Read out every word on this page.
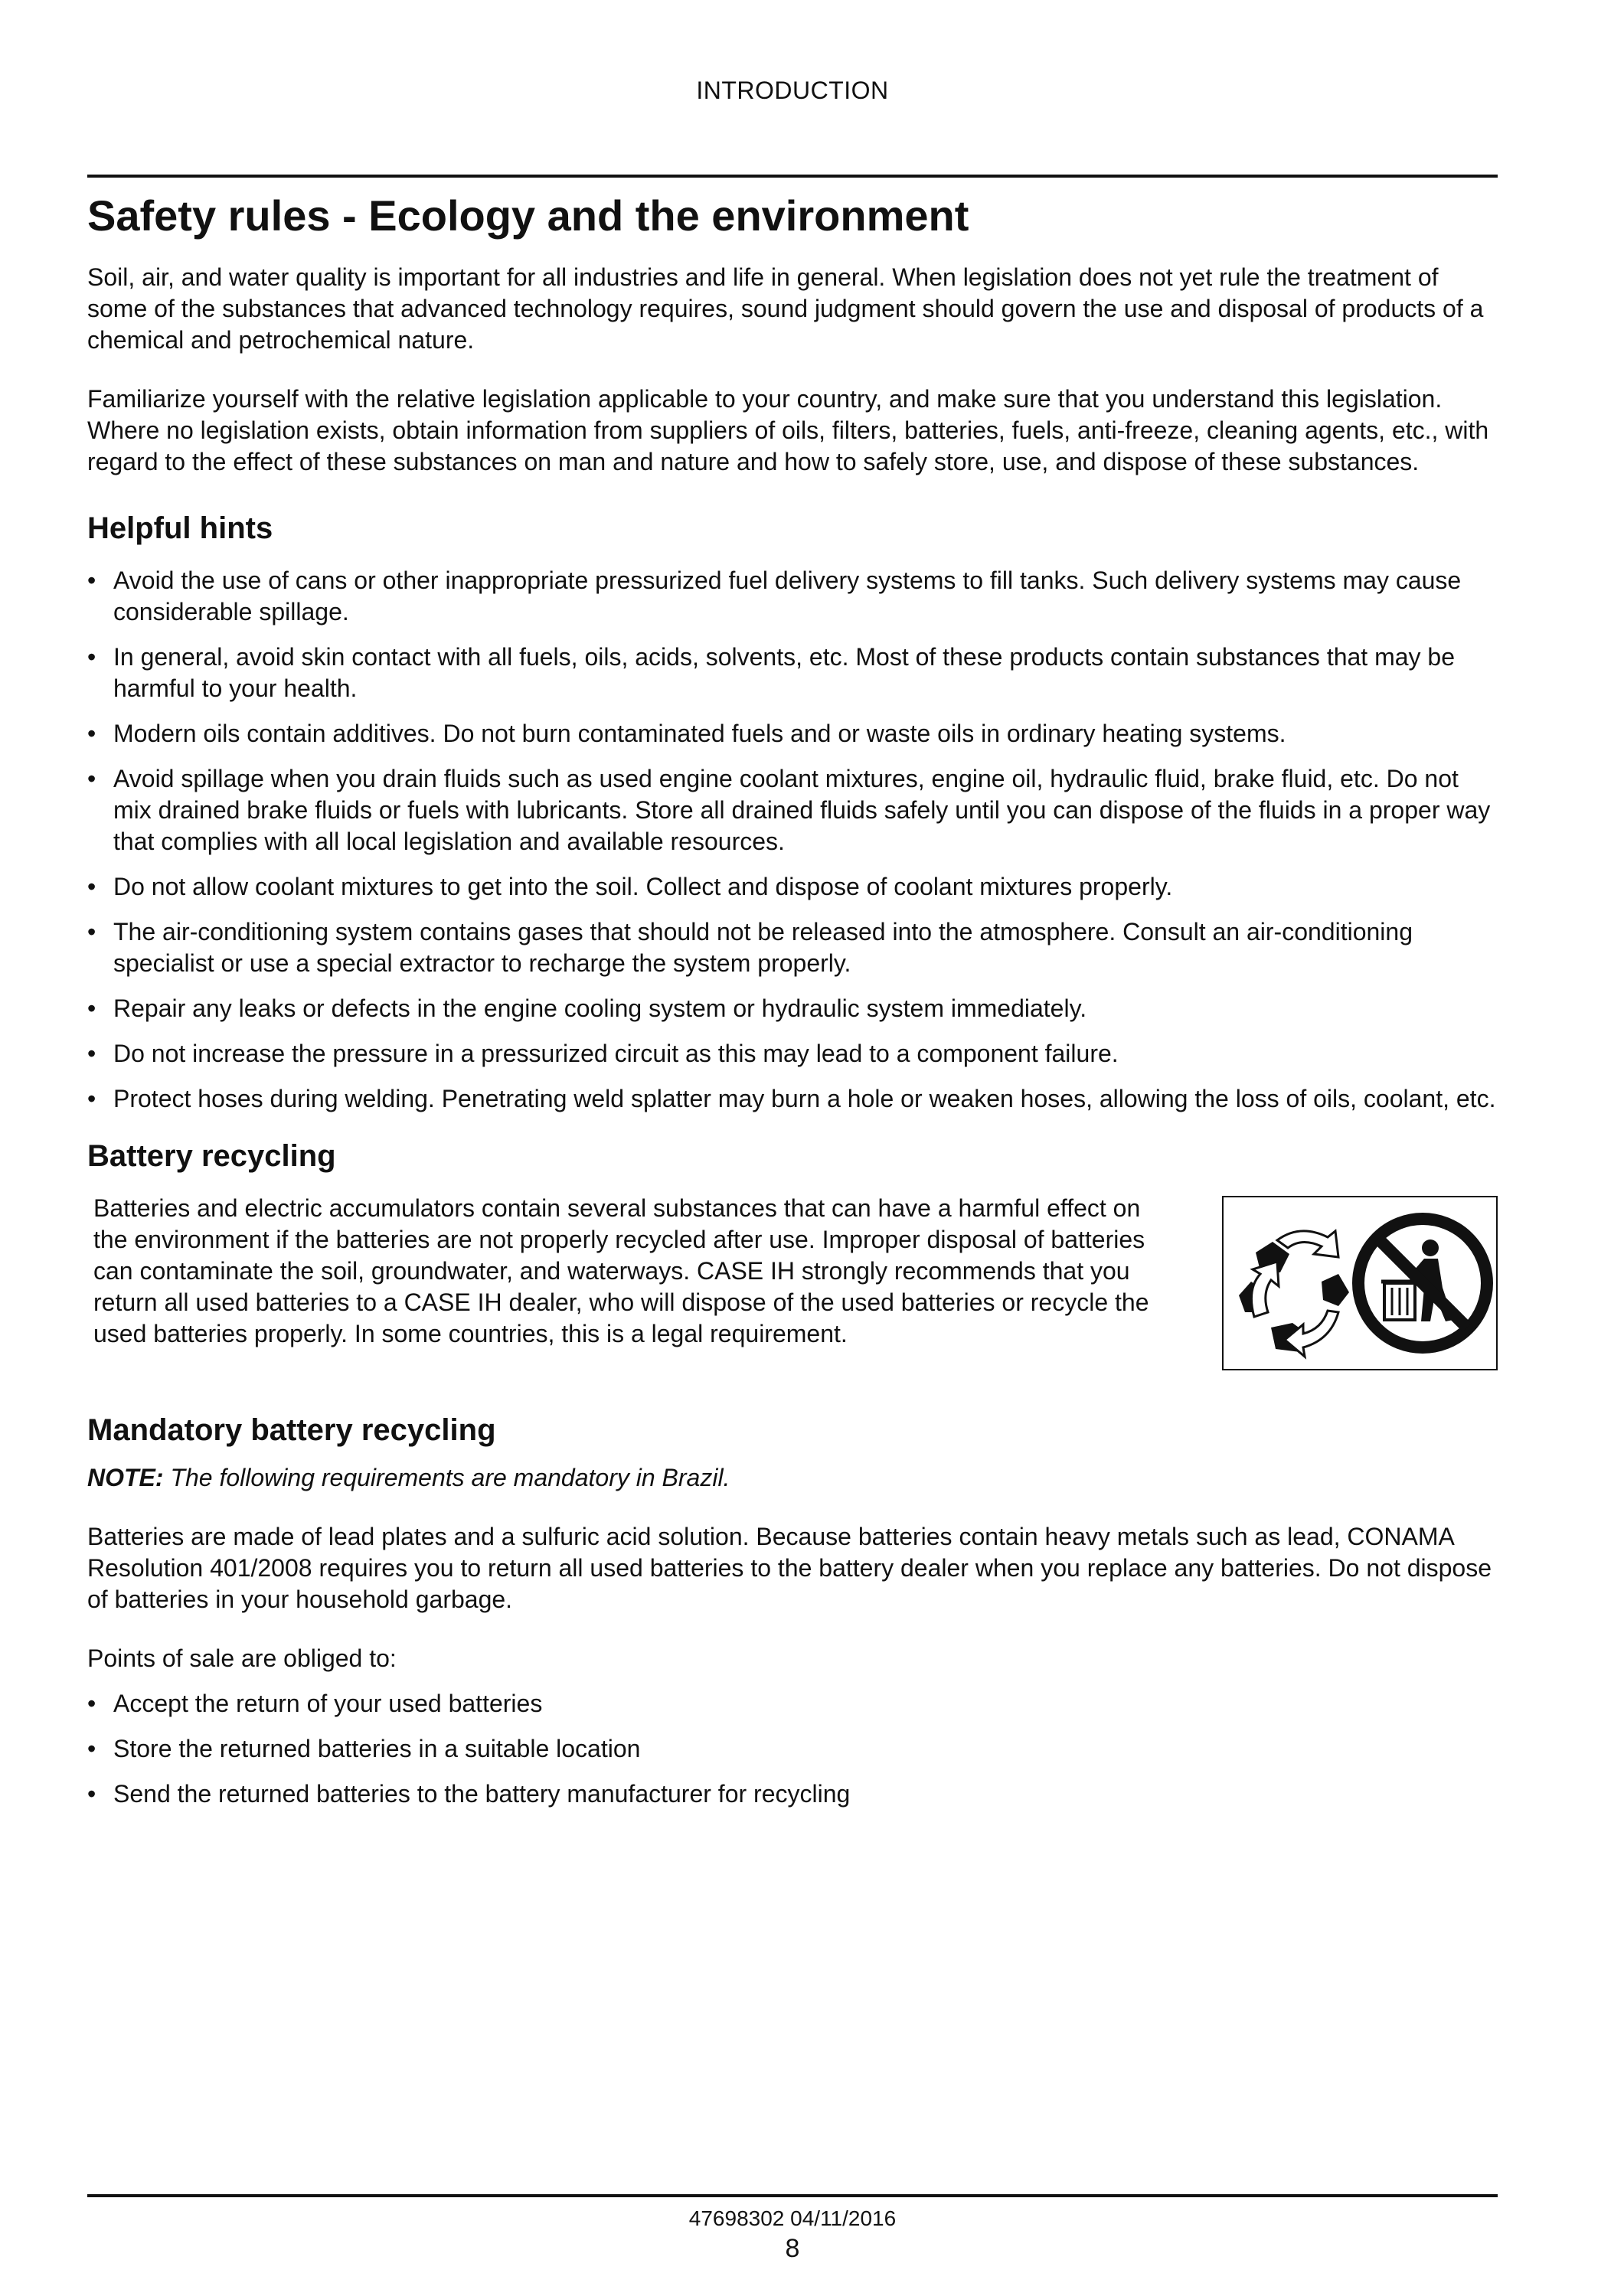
INTRODUCTION
Safety rules - Ecology and the environment

Soil, air, and water quality is important for all industries and life in general. When legislation does not yet rule the treatment of some of the substances that advanced technology requires, sound judgment should govern the use and disposal of products of a chemical and petrochemical nature.

Familiarize yourself with the relative legislation applicable to your country, and make sure that you understand this legislation. Where no legislation exists, obtain information from suppliers of oils, filters, batteries, fuels, anti-freeze, cleaning agents, etc., with regard to the effect of these substances on man and nature and how to safely store, use, and dispose of these substances.

Helpful hints
• Avoid the use of cans or other inappropriate pressurized fuel delivery systems to fill tanks. Such delivery systems may cause considerable spillage.
• In general, avoid skin contact with all fuels, oils, acids, solvents, etc. Most of these products contain substances that may be harmful to your health.
• Modern oils contain additives. Do not burn contaminated fuels and or waste oils in ordinary heating systems.
• Avoid spillage when you drain fluids such as used engine coolant mixtures, engine oil, hydraulic fluid, brake fluid, etc. Do not mix drained brake fluids or fuels with lubricants. Store all drained fluids safely until you can dispose of the fluids in a proper way that complies with all local legislation and available resources.
• Do not allow coolant mixtures to get into the soil. Collect and dispose of coolant mixtures properly.
• The air-conditioning system contains gases that should not be released into the atmosphere. Consult an air-conditioning specialist or use a special extractor to recharge the system properly.
• Repair any leaks or defects in the engine cooling system or hydraulic system immediately.
• Do not increase the pressure in a pressurized circuit as this may lead to a component failure.
• Protect hoses during welding. Penetrating weld splatter may burn a hole or weaken hoses, allowing the loss of oils, coolant, etc.
Battery recycling

Batteries and electric accumulators contain several substances that can have a harmful effect on the environment if the batteries are not properly recycled after use. Improper disposal of batteries can contaminate the soil, groundwater, and waterways. CASE IH strongly recommends that you return all used batteries to a CASE IH dealer, who will dispose of the used batteries or recycle the used batteries properly. In some countries, this is a legal requirement.

Mandatory battery recycling

NOTE: The following requirements are mandatory in Brazil.

Batteries are made of lead plates and a sulfuric acid solution. Because batteries contain heavy metals such as lead, CONAMA Resolution 401/2008 requires you to return all used batteries to the battery dealer when you replace any batteries. Do not dispose of batteries in your household garbage.

Points of sale are obliged to:

• Accept the return of your used batteries
• Store the returned batteries in a suitable location
• Send the returned batteries to the battery manufacturer for recycling
47698302 04/11/2016
8
